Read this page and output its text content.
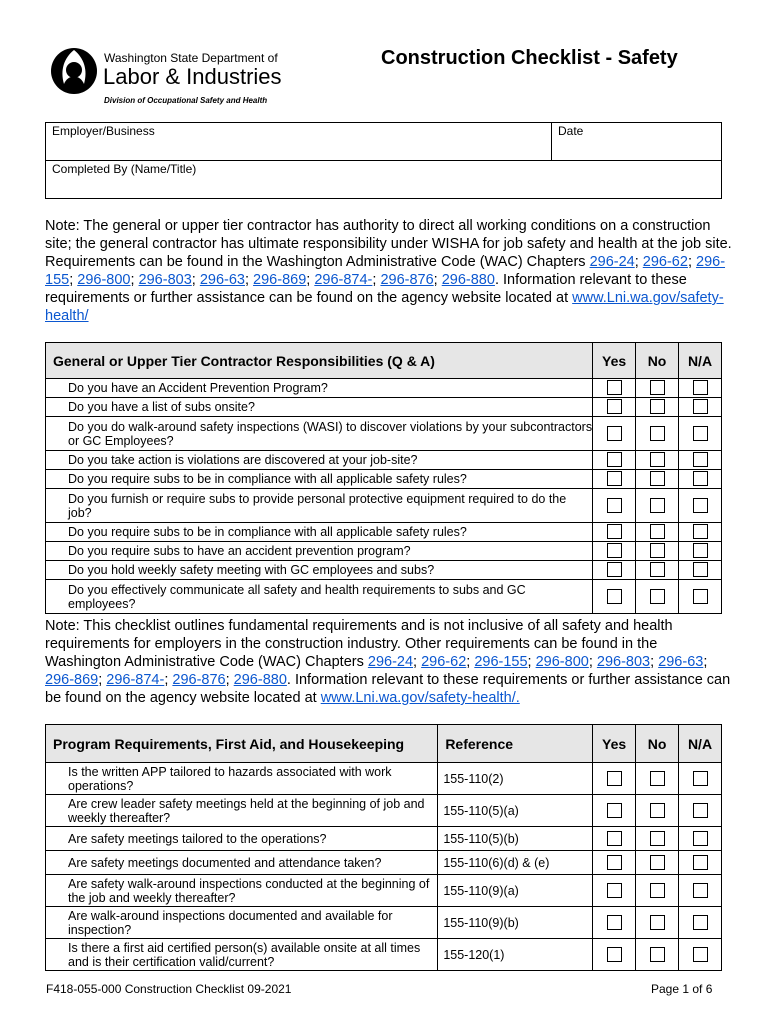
Washington State Department of
Labor & Industries
Division of Occupational Safety and Health
Construction Checklist - Safety
Employer/Business	Date
Completed By (Name/Title)
Note: The general or upper tier contractor has authority to direct all working conditions on a construction site; the general contractor has ultimate responsibility under WISHA for job safety and health at the job site. Requirements can be found in the Washington Administrative Code (WAC) Chapters 296-24; 296-62; 296-155; 296-800; 296-803; 296-63; 296-869; 296-874-; 296-876; 296-880. Information relevant to these requirements or further assistance can be found on the agency website located at www.Lni.wa.gov/safety-health/
General or Upper Tier Contractor Responsibilities (Q & A)	Yes	No	N/A
Do you have an Accident Prevention Program?			
Do you have a list of subs onsite?			
Do you do walk-around safety inspections (WASI) to discover violations by your subcontractors or GC Employees?			
Do you take action is violations are discovered at your job-site?			
Do you require subs to be in compliance with all applicable safety rules?			
Do you furnish or require subs to provide personal protective equipment required to do the job?			
Do you require subs to be in compliance with all applicable safety rules?			
Do you require subs to have an accident prevention program?			
Do you hold weekly safety meeting with GC employees and subs?			
Do you effectively communicate all safety and health requirements to subs and GC employees?			
Note: This checklist outlines fundamental requirements and is not inclusive of all safety and health requirements for employers in the construction industry. Other requirements can be found in the Washington Administrative Code (WAC) Chapters 296-24; 296-62; 296-155; 296-800; 296-803; 296-63; 296-869; 296-874-; 296-876; 296-880. Information relevant to these requirements or further assistance can be found on the agency website located at www.Lni.wa.gov/safety-health/.
Program Requirements, First Aid, and Housekeeping	Reference	Yes	No	N/A
Is the written APP tailored to hazards associated with work operations?	155-110(2)			
Are crew leader safety meetings held at the beginning of job and weekly thereafter?	155-110(5)(a)			
Are safety meetings tailored to the operations?	155-110(5)(b)			
Are safety meetings documented and attendance taken?	155-110(6)(d) & (e)			
Are safety walk-around inspections conducted at the beginning of the job and weekly thereafter?	155-110(9)(a)			
Are walk-around inspections documented and available for inspection?	155-110(9)(b)			
Is there a first aid certified person(s) available onsite at all times and is their certification valid/current?	155-120(1)			
F418-055-000 Construction Checklist 09-2021	Page 1 of 6
